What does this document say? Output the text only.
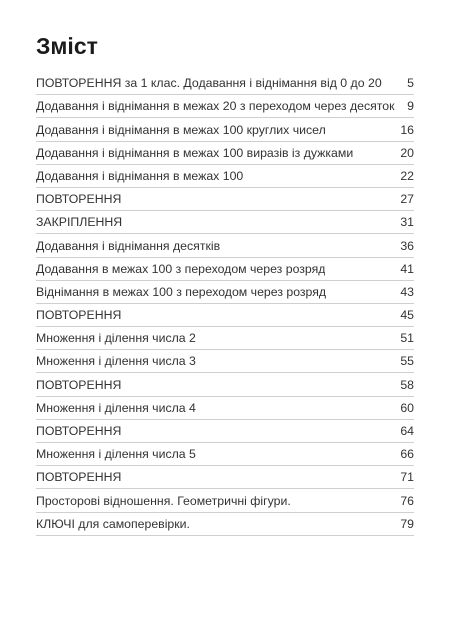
Зміст
ПОВТОРЕННЯ за 1 клас. Додавання і віднімання від 0 до 20	5
Додавання і віднімання в межах 20 з переходом через десяток	9
Додавання і віднімання в межах 100 круглих чисел	16
Додавання і віднімання в межах 100 виразів із дужками	20
Додавання і віднімання в межах 100	22
ПОВТОРЕННЯ	27
ЗАКРІПЛЕННЯ	31
Додавання і віднімання десятків	36
Додавання в межах 100 з переходом через розряд	41
Віднімання в межах 100 з переходом через розряд	43
ПОВТОРЕННЯ	45
Множення і ділення числа 2	51
Множення і ділення числа 3	55
ПОВТОРЕННЯ	58
Множення і ділення числа 4	60
ПОВТОРЕННЯ	64
Множення і ділення числа 5	66
ПОВТОРЕННЯ	71
Просторові відношення. Геометричні фігури.	76
КЛЮЧІ для самоперевірки.	79
